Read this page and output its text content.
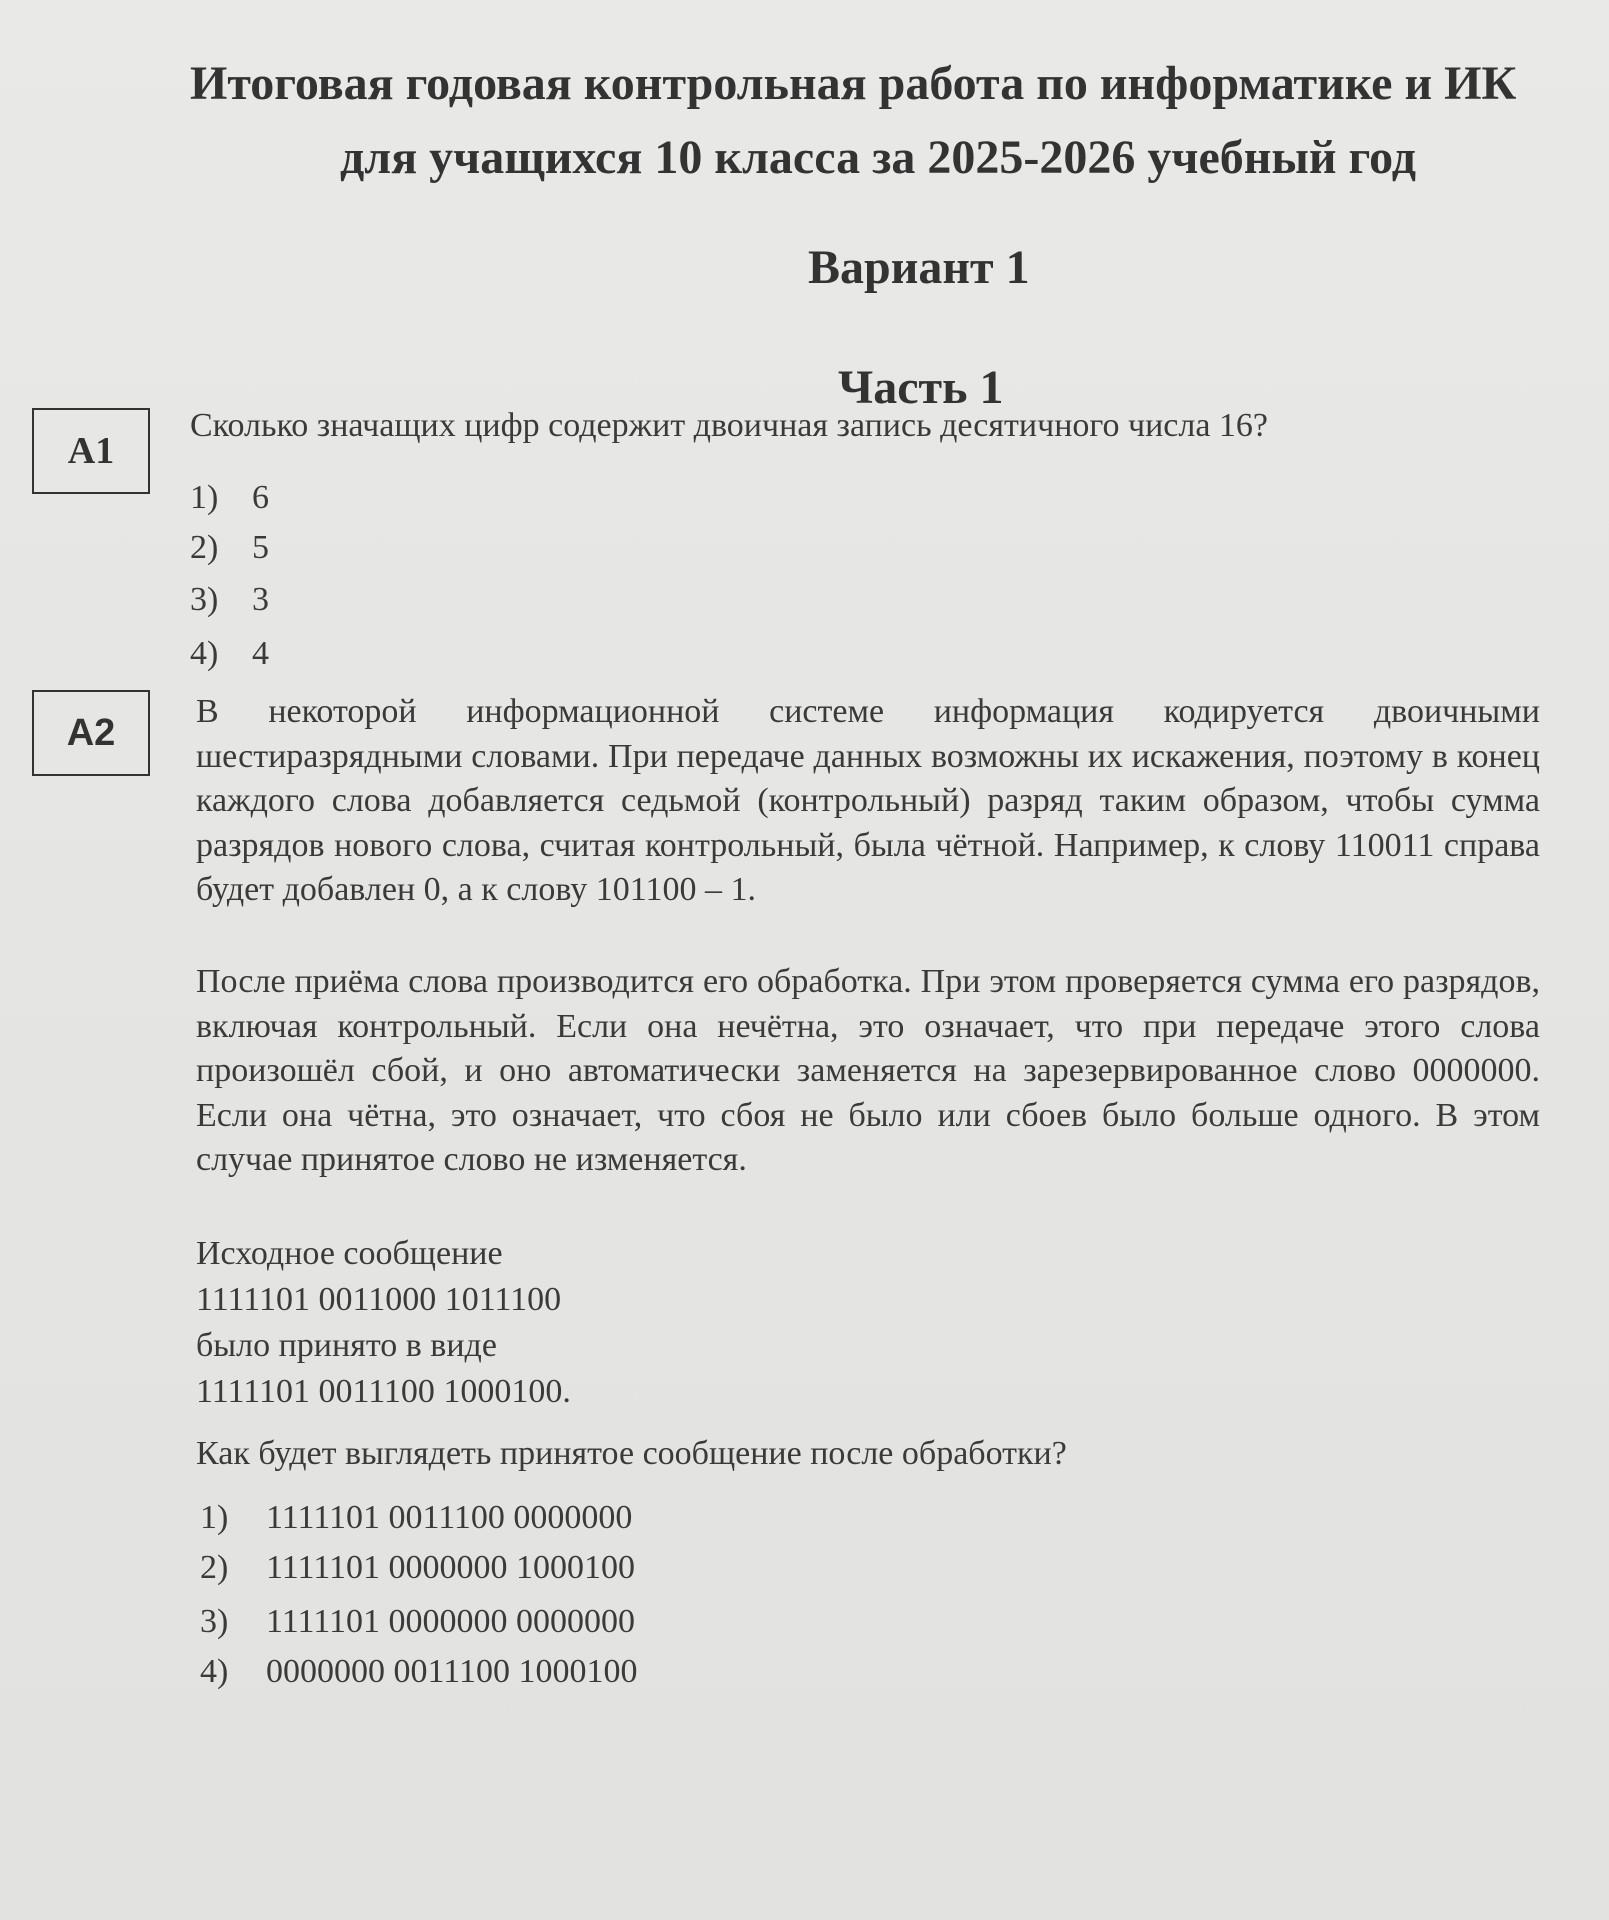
Итоговая годовая контрольная работа по информатике и ИК
для учащихся 10 класса за 2025-2026 учебный год
Вариант 1
Часть 1
A1
Сколько значащих цифр содержит двоичная запись десятичного числа 16?
1) 6
2) 5
3) 3
4) 4
A2	В некоторой информационной системе информация кодируется двоичными шестиразрядными словами. При передаче данных возможны их искажения, поэтому в конец каждого слова добавляется седьмой (контрольный) разряд таким образом, чтобы сумма разрядов нового слова, считая контрольный, была чётной. Например, к слову 110011 справа будет добавлен 0, а к слову 101100 – 1.
После приёма слова производится его обработка. При этом проверяется сумма его разрядов, включая контрольный. Если она нечётна, это означает, что при передаче этого слова произошёл сбой, и оно автоматически заменяется на зарезервированное слово 0000000. Если она чётна, это означает, что сбоя не было или сбоев было больше одного. В этом случае принятое слово не изменяется.
Исходное сообщение
1111101 0011000 1011100
было принято в виде
1111101 0011100 1000100.
Как будет выглядеть принятое сообщение после обработки?
1) 1111101 0011100 0000000
2) 1111101 0000000 1000100
3) 1111101 0000000 0000000
4) 0000000 0011100 1000100
